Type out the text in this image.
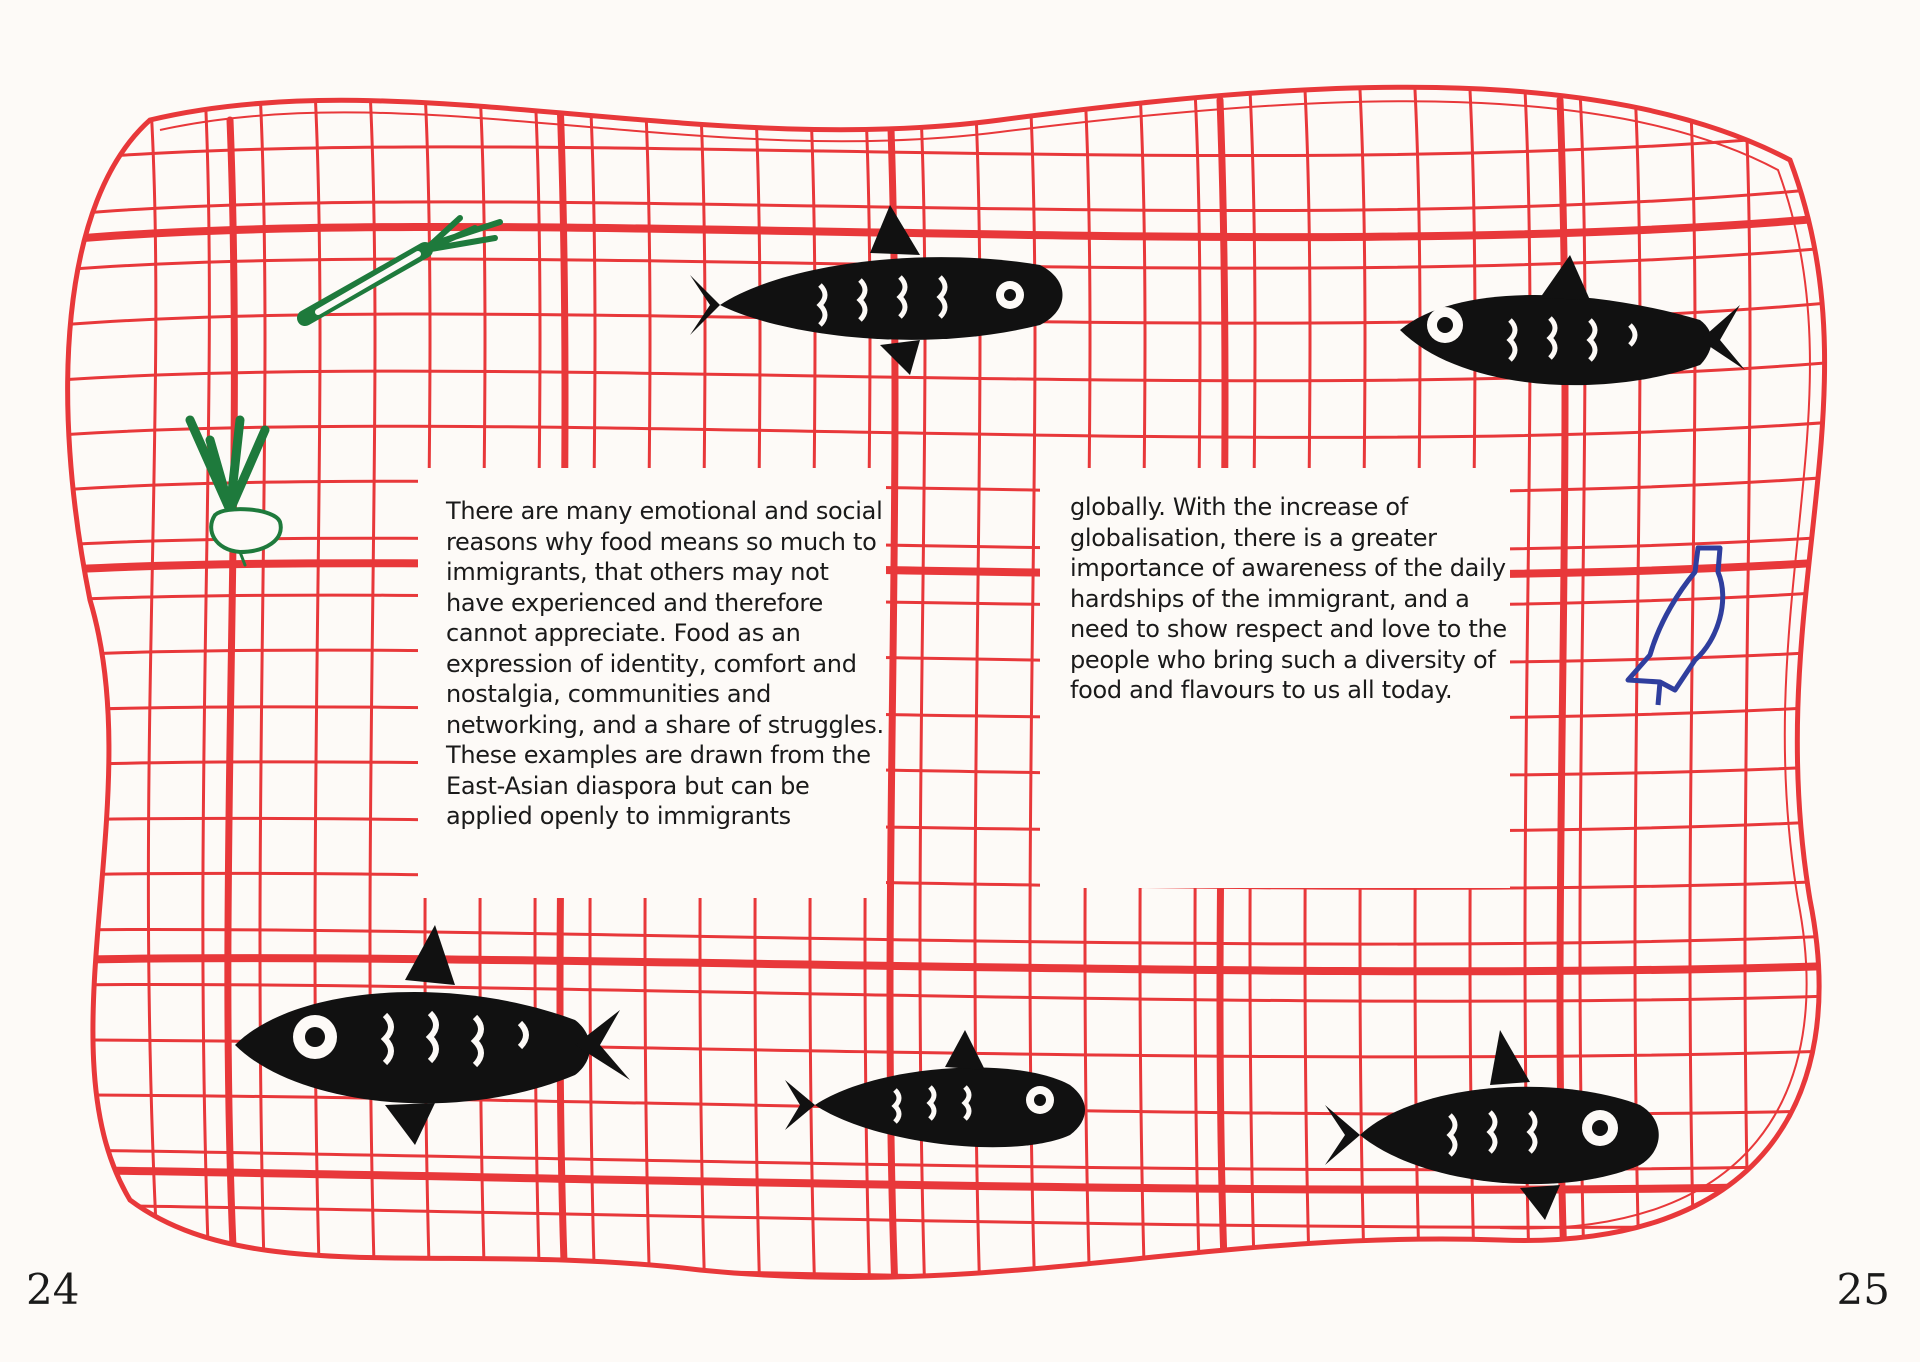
There are many emotional and social reasons why food means so much to immigrants, that others may not have experienced and therefore cannot appreciate. Food as an expression of identity, comfort and nostalgia, communities and networking, and a share of struggles. These examples are drawn from the East-Asian diaspora but can be applied openly to immigrants

globally. With the increase of globalisation, there is a greater importance of awareness of the daily hardships of the immigrant, and a need to show respect and love to the people who bring such a diversity of food and flavours to us all today.

24	25
